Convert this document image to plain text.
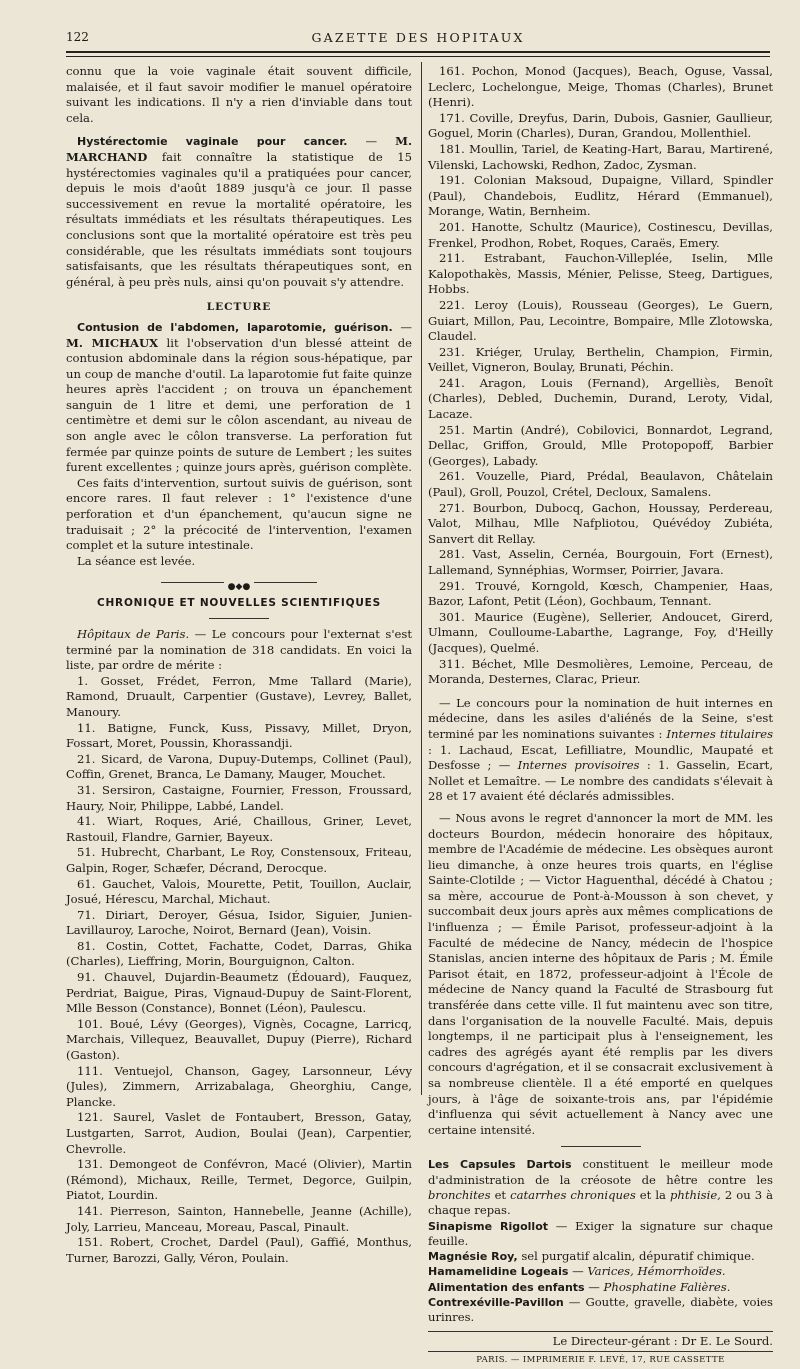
122	GAZETTE DES HOPITAUX

connu que la voie vaginale était souvent difficile, malaisée, et il faut savoir modifier le manuel opératoire suivant les indications. Il n'y a rien d'inviable dans tout cela.

Hystérectomie vaginale pour cancer. — M. MARCHAND fait connaître la statistique de 15 hystérectomies vaginales qu'il a pratiquées pour cancer, depuis le mois d'août 1889 jusqu'à ce jour. Il passe successivement en revue la mortalité opératoire, les résultats immédiats et les résultats thérapeutiques. Les conclusions sont que la mortalité opératoire est très peu considérable, que les résultats immédiats sont toujours satisfaisants, que les résultats thérapeutiques sont, en général, à peu près nuls, ainsi qu'on pouvait s'y attendre.

LECTURE

Contusion de l'abdomen, laparotomie, guérison. — M. MICHAUX lit l'observation d'un blessé atteint de contusion abdominale dans la région sous-hépatique, par un coup de manche d'outil. La laparotomie fut faite quinze heures après l'accident ; on trouva un épanchement sanguin de 1 litre et demi, une perforation de 1 centimètre et demi sur le côlon ascendant, au niveau de son angle avec le côlon transverse. La perforation fut fermée par quinze points de suture de Lembert ; les suites furent excellentes ; quinze jours après, guérison complète.

Ces faits d'intervention, surtout suivis de guérison, sont encore rares. Il faut relever : 1° l'existence d'une perforation et d'un épanchement, qu'aucun signe ne traduisait ; 2° la précocité de l'intervention, l'examen complet et la suture intestinale.

La séance est levée.

●◆●
CHRONIQUE ET NOUVELLES SCIENTIFIQUES

Hôpitaux de Paris. — Le concours pour l'externat s'est terminé par la nomination de 318 candidats. En voici la liste, par ordre de mérite :

1. Gosset, Frédet, Ferron, Mme Tallard (Marie), Ramond, Druault, Carpentier (Gustave), Levrey, Ballet, Manoury.

11. Batigne, Funck, Kuss, Pissavy, Millet, Dryon, Fossart, Moret, Poussin, Khorassandji.

21. Sicard, de Varona, Dupuy-Dutemps, Collinet (Paul), Coffin, Grenet, Branca, Le Damany, Mauger, Mouchet.

31. Sersiron, Castaigne, Fournier, Fresson, Froussard, Haury, Noir, Philippe, Labbé, Landel.

41. Wiart, Roques, Arié, Chaillous, Griner, Levet, Rastouil, Flandre, Garnier, Bayeux.

51. Hubrecht, Charbant, Le Roy, Constensoux, Friteau, Galpin, Roger, Schæfer, Décrand, Derocque.

61. Gauchet, Valois, Mourette, Petit, Touillon, Auclair, Josué, Hérescu, Marchal, Michaut.

71. Diriart, Deroyer, Gésua, Isidor, Siguier, Junien-Lavillauroy, Laroche, Noirot, Bernard (Jean), Voisin.

81. Costin, Cottet, Fachatte, Codet, Darras, Ghika (Charles), Lieffring, Morin, Bourguignon, Calton.

91. Chauvel, Dujardin-Beaumetz (Édouard), Fauquez, Perdriat, Baigue, Piras, Vignaud-Dupuy de Saint-Florent, Mlle Besson (Constance), Bonnet (Léon), Paulescu.

101. Boué, Lévy (Georges), Vignès, Cocagne, Larricq, Marchais, Villequez, Beauvallet, Dupuy (Pierre), Richard (Gaston).

111. Ventuejol, Chanson, Gagey, Larsonneur, Lévy (Jules), Zimmern, Arrizabalaga, Gheorghiu, Cange, Plancke.

121. Saurel, Vaslet de Fontaubert, Bresson, Gatay, Lustgarten, Sarrot, Audion, Boulai (Jean), Carpentier, Chevrolle.

131. Demongeot de Confévron, Macé (Olivier), Martin (Rémond), Michaux, Reille, Termet, Degorce, Guilpin, Piatot, Lourdin.

141. Pierreson, Sainton, Hannebelle, Jeanne (Achille), Joly, Larrieu, Manceau, Moreau, Pascal, Pinault.

151. Robert, Crochet, Dardel (Paul), Gaffié, Monthus, Turner, Barozzi, Gally, Véron, Poulain.

161. Pochon, Monod (Jacques), Beach, Oguse, Vassal, Leclerc, Lochelongue, Meige, Thomas (Charles), Brunet (Henri).

171. Coville, Dreyfus, Darin, Dubois, Gasnier, Gaullieur, Goguel, Morin (Charles), Duran, Grandou, Mollenthiel.

181. Moullin, Tariel, de Keating-Hart, Barau, Martirené, Vilenski, Lachowski, Redhon, Zadoc, Zysman.

191. Colonian Maksoud, Dupaigne, Villard, Spindler (Paul), Chandebois, Eudlitz, Hérard (Emmanuel), Morange, Watin, Bernheim.

201. Hanotte, Schultz (Maurice), Costinescu, Devillas, Frenkel, Prodhon, Robet, Roques, Caraës, Emery.

211. Estrabant, Fauchon-Villeplée, Iselin, Mlle Kalopothakès, Massis, Ménier, Pelisse, Steeg, Dartigues, Hobbs.

221. Leroy (Louis), Rousseau (Georges), Le Guern, Guiart, Millon, Pau, Lecointre, Bompaire, Mlle Zlotowska, Claudel.

231. Kriéger, Urulay, Berthelin, Champion, Firmin, Veillet, Vigneron, Boulay, Brunati, Péchin.

241. Aragon, Louis (Fernand), Argelliès, Benoît (Charles), Debled, Duchemin, Durand, Leroty, Vidal, Lacaze.

251. Martin (André), Cobilovici, Bonnardot, Legrand, Dellac, Griffon, Grould, Mlle Protopopoff, Barbier (Georges), Labady.

261. Vouzelle, Piard, Prédal, Beaulavon, Châtelain (Paul), Groll, Pouzol, Crétel, Decloux, Samalens.

271. Bourbon, Dubocq, Gachon, Houssay, Perdereau, Valot, Milhau, Mlle Nafpliotou, Quévédoy Zubiéta, Sanvert dit Rellay.

281. Vast, Asselin, Cernéa, Bourgouin, Fort (Ernest), Lallemand, Synnéphias, Wormser, Poirrier, Javara.

291. Trouvé, Korngold, Kœsch, Champenier, Haas, Bazor, Lafont, Petit (Léon), Gochbaum, Tennant.

301. Maurice (Eugène), Sellerier, Andoucet, Girerd, Ulmann, Coulloume-Labarthe, Lagrange, Foy, d'Heilly (Jacques), Quelmé.

311. Béchet, Mlle Desmolières, Lemoine, Perceau, de Moranda, Desternes, Clarac, Prieur.

— Le concours pour la nomination de huit internes en médecine, dans les asiles d'aliénés de la Seine, s'est terminé par les nominations suivantes : Internes titulaires : 1. Lachaud, Escat, Lefilliatre, Moundlic, Maupaté et Desfosse ; — Internes provisoires : 1. Gasselin, Ecart, Nollet et Lemaître. — Le nombre des candidats s'élevait à 28 et 17 avaient été déclarés admissibles.

— Nous avons le regret d'annoncer la mort de MM. les docteurs Bourdon, médecin honoraire des hôpitaux, membre de l'Académie de médecine. Les obsèques auront lieu dimanche, à onze heures trois quarts, en l'église Sainte-Clotilde ; — Victor Haguenthal, décédé à Chatou ; sa mère, accourue de Pont-à-Mousson à son chevet, y succombait deux jours après aux mêmes complications de l'influenza ; — Émile Parisot, professeur-adjoint à la Faculté de médecine de Nancy, médecin de l'hospice Stanislas, ancien interne des hôpitaux de Paris ; M. Émile Parisot était, en 1872, professeur-adjoint à l'École de médecine de Nancy quand la Faculté de Strasbourg fut transférée dans cette ville. Il fut maintenu avec son titre, dans l'organisation de la nouvelle Faculté. Mais, depuis longtemps, il ne participait plus à l'enseignement, les cadres des agrégés ayant été remplis par les divers concours d'agrégation, et il se consacrait exclusivement à sa nombreuse clientèle. Il a été emporté en quelques jours, à l'âge de soixante-trois ans, par l'épidémie d'influenza qui sévit actuellement à Nancy avec une certaine intensité.

Les Capsules Dartois constituent le meilleur mode d'administration de la créosote de hêtre contre les bronchites et catarrhes chroniques et la phthisie, 2 ou 3 à chaque repas.

Sinapisme Rigollot — Exiger la signature sur chaque feuille.

Magnésie Roy, sel purgatif alcalin, dépuratif chimique.

Hamamelidine Logeais — Varices, Hémorrhoïdes.

Alimentation des enfants — Phosphatine Falières.

Contrexéville-Pavillon — Goutte, gravelle, diabète, voies urinres.

Le Directeur-gérant : Dr E. Le Sourd.

PARIS. — IMPRIMERIE F. LEVÉ, 17, RUE CASSETTE
